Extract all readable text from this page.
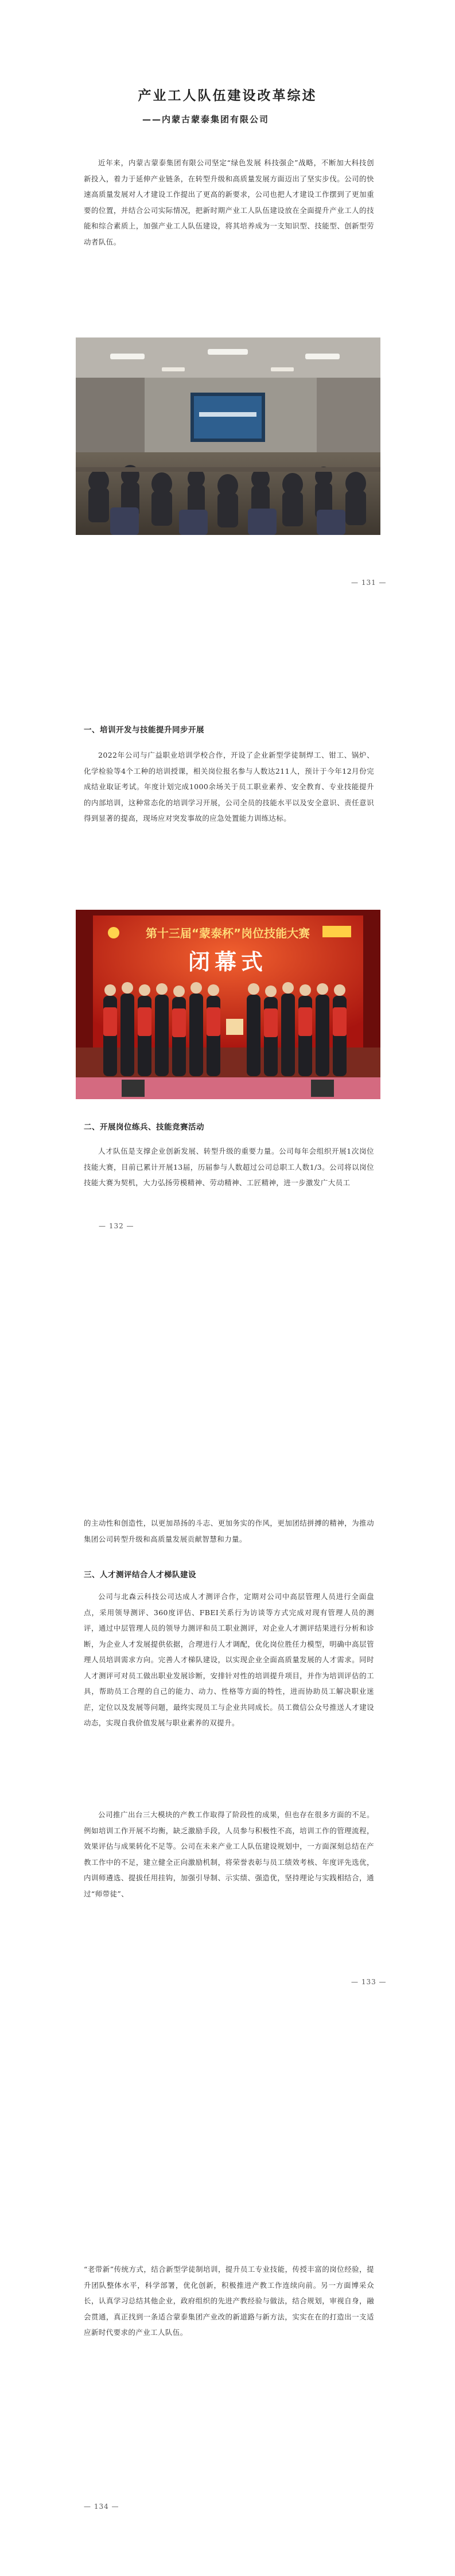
产业工人队伍建设改革综述
——内蒙古蒙泰集团有限公司

近年来，内蒙古蒙泰集团有限公司坚定“绿色发展 科技强企”战略，不断加大科技创新投入，着力于延伸产业链条，在转型升级和高质量发展方面迈出了坚实步伐。公司的快速高质量发展对人才建设工作提出了更高的新要求，公司也把人才建设工作摆到了更加重要的位置，并结合公司实际情况，把新时期产业工人队伍建设放在全面提升产业工人的技能和综合素质上，加强产业工人队伍建设，将其培养成为一支知识型、技能型、创新型劳动者队伍。

— 131 —
一、培训开发与技能提升同步开展

2022年公司与广益职业培训学校合作，开设了企业新型学徒制焊工、钳工、锅炉、化学检验等4个工种的培训授课，相关岗位报名参与人数达211人，预计于今年12月份完成结业取证考试。年度计划完成1000余场关于员工职业素养、安全教育、专业技能提升的内部培训，这种常态化的培训学习开展，公司全员的技能水平以及安全意识、责任意识得到显著的提高，现场应对突发事故的应急处置能力训练达标。

第十三届“蒙泰杯”岗位技能大赛
闭幕式
二、开展岗位练兵、技能竞赛活动

人才队伍是支撑企业创新发展、转型升级的重要力量。公司每年会组织开展1次岗位技能大赛，目前已累计开展13届，历届参与人数超过公司总职工人数1/3。公司将以岗位技能大赛为契机，大力弘扬劳模精神、劳动精神、工匠精神，进一步激发广大员工

— 132 —

的主动性和创造性，以更加昂扬的斗志、更加务实的作风，更加团结拼搏的精神，为推动集团公司转型升级和高质量发展贡献智慧和力量。

三、人才测评结合人才梯队建设

公司与北森云科技公司达成人才测评合作，定期对公司中高层管理人员进行全面盘点，采用领导测评、360度评估、FBEI关系行为访谈等方式完成对现有管理人员的测评，通过中层管理人员的领导力测评和员工职业测评，对企业人才测评结果进行分析和诊断，为企业人才发展提供依据，合理进行人才调配，优化岗位胜任力模型，明确中高层管理人员培训需求方向。完善人才梯队建设，以实现企业全面高质量发展的人才需求。同时人才测评可对员工做出职业发展诊断，安排针对性的培训提升项目，并作为培训评估的工具，帮助员工合理的自己的能力、动力、性格等方面的特性，进而协助员工解决职业迷茫，定位以及发展等问题，最终实现员工与企业共同成长。员工微信公众号推送人才建设动态，实现自我价值发展与职业素养的双提升。

公司推广出台三大模块的产教工作取得了阶段性的成果，但也存在很多方面的不足。例如培训工作开展不均衡，缺乏激励手段，人员参与积极性不高，培训工作的管理流程，效果评估与成果转化不足等。公司在未来产业工人队伍建设规划中，一方面深刻总结在产教工作中的不足，建立健全正向激励机制，将荣誉表彰与员工绩效考核、年度评先选优，内训师遴选、提拔任用挂钩，加强引导制、示实绩、强造优，坚持理论与实践相结合，通过“师带徒”、

— 133 —

“老带新”传统方式，结合新型学徒制培训，提升员工专业技能，传授丰富的岗位经验，提升团队整体水平，科学部署，优化创新，积极推进产教工作连续向前。另一方面博采众长，认真学习总结其他企业，政府组织的先进产教经验与做法，结合规划，审视自身，融会贯通，真正找到一条适合蒙泰集团产业改的新道路与新方法，实实在在的打造出一支适应新时代要求的产业工人队伍。

— 134 —
